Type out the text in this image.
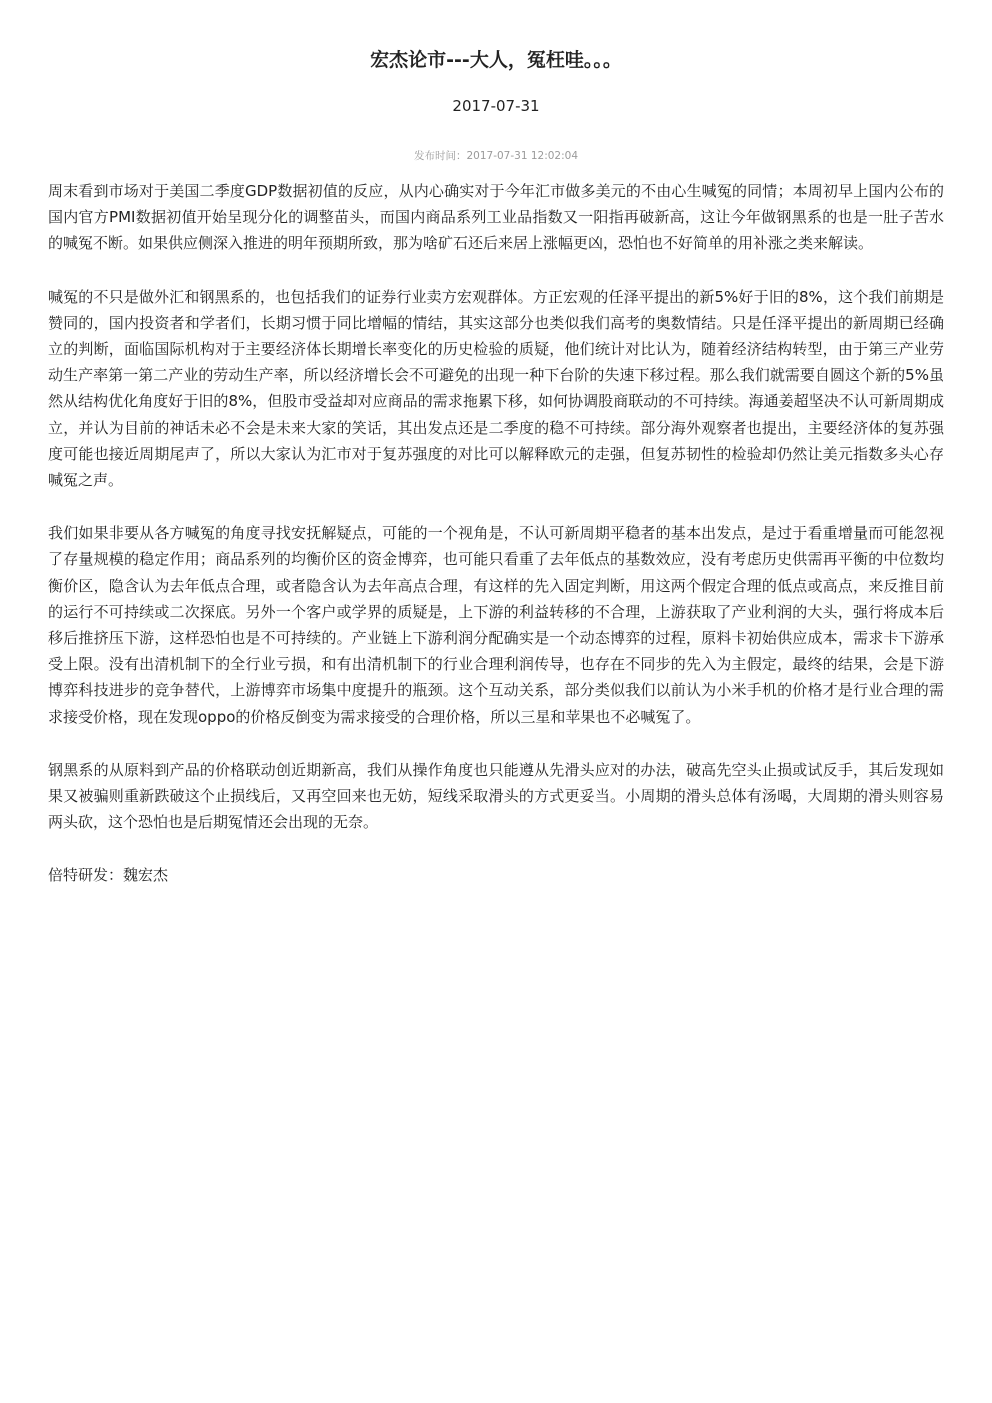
宏杰论市---大人，冤枉哇。。。
2017-07-31
发布时间：2017-07-31 12:02:04

周末看到市场对于美国二季度GDP数据初值的反应，从内心确实对于今年汇市做多美元的不由心生喊冤的同情；本周初早上国内公布的国内官方PMI数据初值开始呈现分化的调整苗头，而国内商品系列工业品指数又一阳指再破新高，这让今年做钢黑系的也是一肚子苦水的喊冤不断。如果供应侧深入推进的明年预期所致，那为啥矿石还后来居上涨幅更凶，恐怕也不好简单的用补涨之类来解读。

喊冤的不只是做外汇和钢黑系的，也包括我们的证券行业卖方宏观群体。方正宏观的任泽平提出的新5%好于旧的8%，这个我们前期是赞同的，国内投资者和学者们，长期习惯于同比增幅的情结，其实这部分也类似我们高考的奥数情结。只是任泽平提出的新周期已经确立的判断，面临国际机构对于主要经济体长期增长率变化的历史检验的质疑，他们统计对比认为，随着经济结构转型，由于第三产业劳动生产率第一第二产业的劳动生产率，所以经济增长会不可避免的出现一种下台阶的失速下移过程。那么我们就需要自圆这个新的5%虽然从结构优化角度好于旧的8%，但股市受益却对应商品的需求拖累下移，如何协调股商联动的不可持续。海通姜超坚决不认可新周期成立，并认为目前的神话未必不会是未来大家的笑话，其出发点还是二季度的稳不可持续。部分海外观察者也提出，主要经济体的复苏强度可能也接近周期尾声了，所以大家认为汇市对于复苏强度的对比可以解释欧元的走强，但复苏韧性的检验却仍然让美元指数多头心存喊冤之声。

我们如果非要从各方喊冤的角度寻找安抚解疑点，可能的一个视角是，不认可新周期平稳者的基本出发点，是过于看重增量而可能忽视了存量规模的稳定作用；商品系列的均衡价区的资金博弈，也可能只看重了去年低点的基数效应，没有考虑历史供需再平衡的中位数均衡价区，隐含认为去年低点合理，或者隐含认为去年高点合理，有这样的先入固定判断，用这两个假定合理的低点或高点，来反推目前的运行不可持续或二次探底。另外一个客户或学界的质疑是，上下游的利益转移的不合理，上游获取了产业利润的大头，强行将成本后移后推挤压下游，这样恐怕也是不可持续的。产业链上下游利润分配确实是一个动态博弈的过程，原料卡初始供应成本，需求卡下游承受上限。没有出清机制下的全行业亏损，和有出清机制下的行业合理利润传导，也存在不同步的先入为主假定，最终的结果，会是下游博弈科技进步的竞争替代，上游博弈市场集中度提升的瓶颈。这个互动关系，部分类似我们以前认为小米手机的价格才是行业合理的需求接受价格，现在发现oppo的价格反倒变为需求接受的合理价格，所以三星和苹果也不必喊冤了。

钢黑系的从原料到产品的价格联动创近期新高，我们从操作角度也只能遵从先滑头应对的办法，破高先空头止损或试反手，其后发现如果又被骗则重新跌破这个止损线后，又再空回来也无妨，短线采取滑头的方式更妥当。小周期的滑头总体有汤喝，大周期的滑头则容易两头砍，这个恐怕也是后期冤情还会出现的无奈。

倍特研发：魏宏杰
